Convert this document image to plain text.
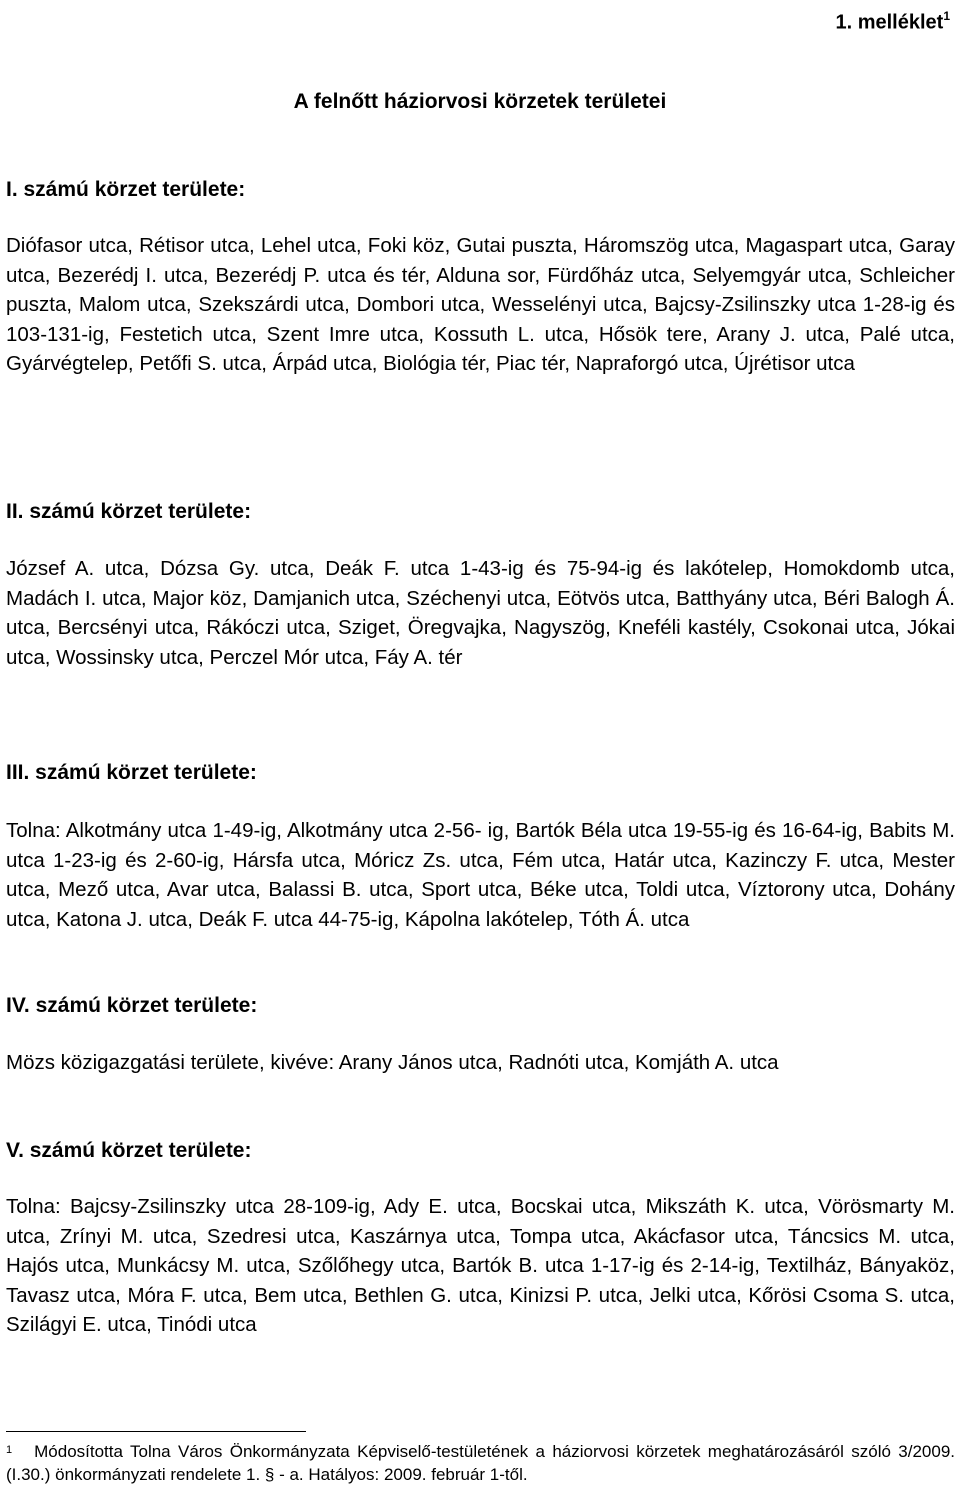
1. melléklet$^1$
A felnőtt háziorvosi körzetek területei
I. számú körzet területe:
Diófasor utca, Rétisor utca, Lehel utca, Foki köz, Gutai puszta, Háromszög utca, Magaspart utca, Garay utca, Bezerédj I. utca, Bezerédj P. utca és tér, Alduna sor, Fürdőház utca, Selyemgyár utca, Schleicher puszta, Malom utca, Szekszárdi utca, Dombori utca, Wesselényi utca, Bajcsy-Zsilinszky utca 1-28-ig és 103-131-ig, Festetich utca, Szent Imre utca, Kossuth L. utca, Hősök tere, Arany J. utca, Palé utca, Gyárvégtelep, Petőfi S. utca, Árpád utca, Biológia tér, Piac tér, Napraforgó utca, Újrétisor utca
II. számú körzet területe:
József A. utca, Dózsa Gy. utca, Deák F. utca 1-43-ig és 75-94-ig és lakótelep, Homokdomb utca, Madách I. utca, Major köz, Damjanich utca, Széchenyi utca, Eötvös utca, Batthyány utca, Béri Balogh Á. utca, Bercsényi utca, Rákóczi utca, Sziget, Öregvajka, Nagyszög, Kneféli kastély, Csokonai utca, Jókai utca, Wossinsky utca, Perczel Mór utca, Fáy A. tér
III. számú körzet területe:
Tolna: Alkotmány utca 1-49-ig, Alkotmány utca 2-56- ig, Bartók Béla utca 19-55-ig és 16-64-ig, Babits M. utca 1-23-ig és 2-60-ig, Hársfa utca, Móricz Zs. utca, Fém utca, Határ utca, Kazinczy F. utca, Mester utca, Mező utca, Avar utca, Balassi B. utca, Sport utca, Béke utca, Toldi utca, Víztorony utca, Dohány utca, Katona J. utca, Deák F. utca 44-75-ig, Kápolna lakótelep, Tóth Á. utca
IV. számú körzet területe:
Mözs közigazgatási területe, kivéve: Arany János utca, Radnóti utca, Komjáth A. utca
V. számú körzet területe:
Tolna: Bajcsy-Zsilinszky utca 28-109-ig, Ady E. utca, Bocskai utca, Mikszáth K. utca, Vörösmarty M. utca, Zrínyi M. utca, Szedresi utca, Kaszárnya utca, Tompa utca, Akácfasor utca, Táncsics M. utca, Hajós utca, Munkácsy M. utca, Szőlőhegy utca, Bartók B. utca 1-17-ig és 2-14-ig, Textilház, Bányaköz, Tavasz utca, Móra F. utca, Bem utca, Bethlen G. utca, Kinizsi P. utca, Jelki utca, Kőrösi Csoma S. utca, Szilágyi E. utca, Tinódi utca
$^1$ Módosította Tolna Város Önkormányzata Képviselő-testületének a háziorvosi körzetek meghatározásáról szóló 3/2009. (I.30.) önkormányzati rendelete 1. § - a. Hatályos: 2009. február 1-től.
